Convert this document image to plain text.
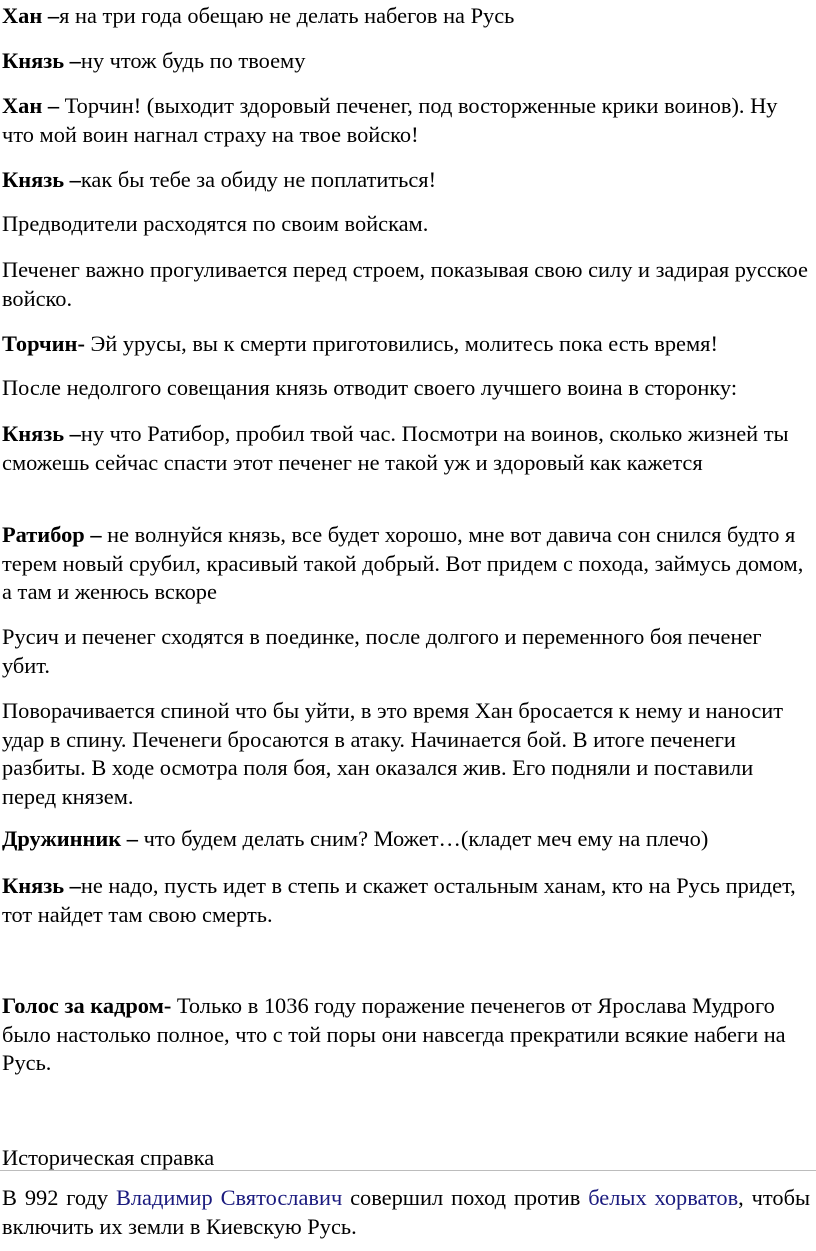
Хан –я на три года обещаю не делать набегов на Русь

Князь –ну чтож будь по твоему

Хан – Торчин! (выходит здоровый печенег, под восторженные крики воинов). Ну что мой воин нагнал страху на твое войско!

Князь –как бы тебе за обиду не поплатиться!

Предводители расходятся по своим войскам.

Печенег важно прогуливается перед строем, показывая свою силу и задирая русское войско.

Торчин- Эй урусы, вы к смерти приготовились, молитесь пока есть время!

После недолгого совещания князь отводит своего лучшего воина в сторонку:

Князь –ну что Ратибор, пробил твой час. Посмотри на воинов, сколько жизней ты сможешь сейчас спасти этот печенег не такой уж и здоровый как кажется

Ратибор – не волнуйся князь, все будет хорошо, мне вот давича сон снился будто я терем новый срубил, красивый такой добрый. Вот придем с похода, займусь домом, а там и женюсь вскоре

Русич и печенег сходятся в поединке, после долгого и переменного боя печенег убит.

Поворачивается спиной что бы уйти, в это время Хан бросается к нему и наносит удар в спину. Печенеги бросаются в атаку. Начинается бой. В итоге печенеги разбиты. В ходе осмотра поля боя, хан оказался жив. Его подняли и поставили перед князем.

Дружинник – что будем делать сним? Может…(кладет меч ему на плечо)

Князь –не надо, пусть идет в степь и скажет остальным ханам, кто на Русь придет, тот найдет там свою смерть.

Голос за кадром- Только в 1036 году поражение печенегов от Ярослава Мудрого было настолько полное, что с той поры они навсегда прекратили всякие набеги на Русь.

Историческая справка

В 992 году Владимир Святославич совершил поход против белых хорватов, чтобы включить их земли в Киевскую Русь.
